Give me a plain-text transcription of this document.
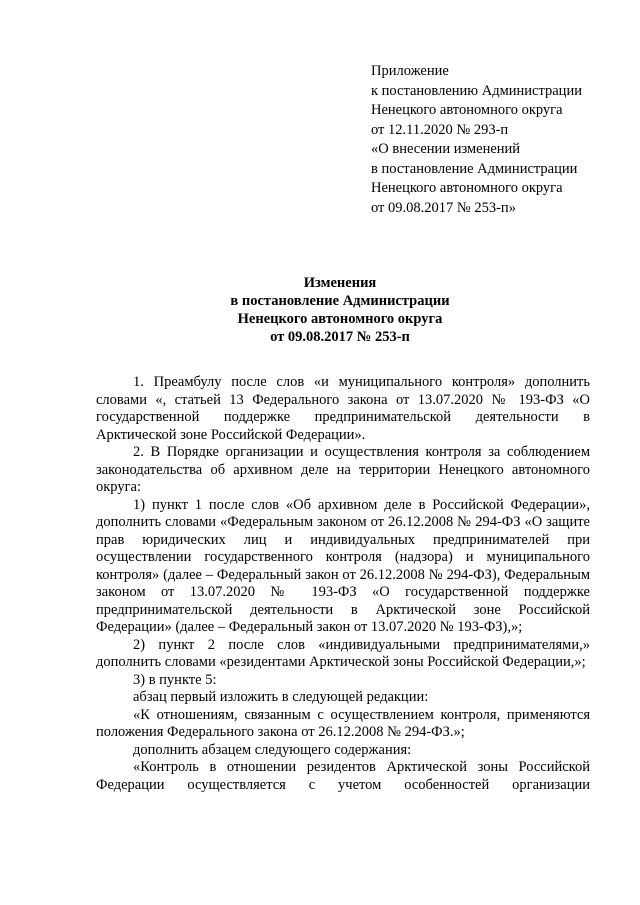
Приложение
к постановлению Администрации
Ненецкого автономного округа
от 12.11.2020 № 293-п
«О внесении изменений
в постановление Администрации
Ненецкого автономного округа
от 09.08.2017 № 253-п»
Изменения
в постановление Администрации
Ненецкого автономного округа
от 09.08.2017 № 253-п

1. Преамбулу после слов «и муниципального контроля» дополнить словами «, статьей 13 Федерального закона от 13.07.2020 № 193-ФЗ «О государственной поддержке предпринимательской деятельности в Арктической зоне Российской Федерации».

2. В Порядке организации и осуществления контроля за соблюдением законодательства об архивном деле на территории Ненецкого автономного округа:

1) пункт 1 после слов «Об архивном деле в Российской Федерации», дополнить словами «Федеральным законом от 26.12.2008 № 294-ФЗ «О защите прав юридических лиц и индивидуальных предпринимателей при осуществлении государственного контроля (надзора) и муниципального контроля» (далее – Федеральный закон от 26.12.2008 № 294-ФЗ), Федеральным законом от 13.07.2020 № 193-ФЗ «О государственной поддержке предпринимательской деятельности в Арктической зоне Российской Федерации» (далее – Федеральный закон от 13.07.2020 № 193-ФЗ),»;

2) пункт 2 после слов «индивидуальными предпринимателями,» дополнить словами «резидентами Арктической зоны Российской Федерации,»;

3) в пункте 5:

абзац первый изложить в следующей редакции:

«К отношениям, связанным с осуществлением контроля, применяются положения Федерального закона от 26.12.2008 № 294-ФЗ.»;

дополнить абзацем следующего содержания:

«Контроль в отношении резидентов Арктической зоны Российской Федерации осуществляется с учетом особенностей организации
